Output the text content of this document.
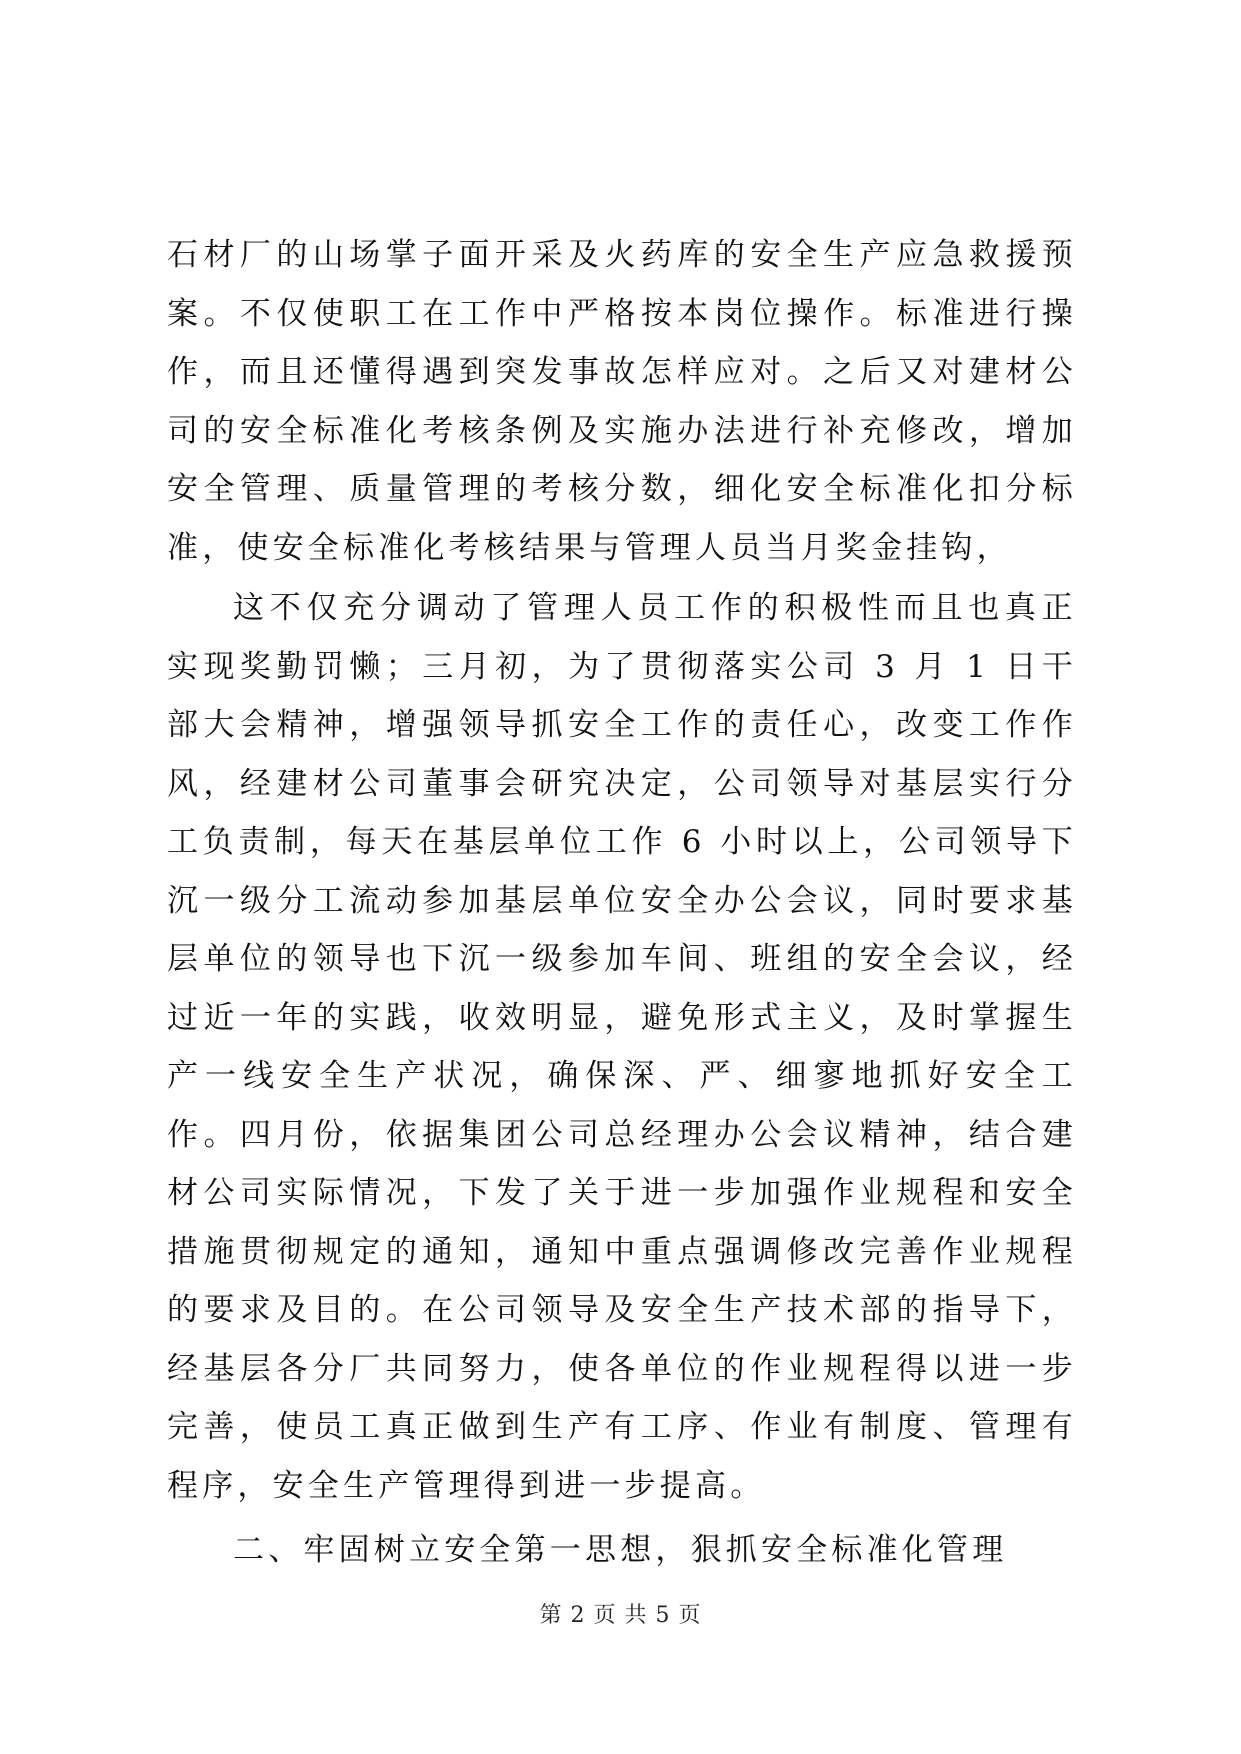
石材厂的山场掌子面开采及火药库的安全生产应急救援预案。不仅使职工在工作中严格按本岗位操作。标准进行操作，而且还懂得遇到突发事故怎样应对。之后又对建材公司的安全标准化考核条例及实施办法进行补充修改，增加安全管理、质量管理的考核分数，细化安全标准化扣分标准，使安全标准化考核结果与管理人员当月奖金挂钩，

这不仅充分调动了管理人员工作的积极性而且也真正实现奖勤罚懒；三月初，为了贯彻落实公司 3 月 1 日干部大会精神，增强领导抓安全工作的责任心，改变工作作风，经建材公司董事会研究决定，公司领导对基层实行分工负责制，每天在基层单位工作 6 小时以上，公司领导下沉一级分工流动参加基层单位安全办公会议，同时要求基层单位的领导也下沉一级参加车间、班组的安全会议，经过近一年的实践，收效明显，避免形式主义，及时掌握生产一线安全生产状况，确保深、严、细寥地抓好安全工作。四月份，依据集团公司总经理办公会议精神，结合建材公司实际情况，下发了关于进一步加强作业规程和安全措施贯彻规定的通知，通知中重点强调修改完善作业规程的要求及目的。在公司领导及安全生产技术部的指导下，经基层各分厂共同努力，使各单位的作业规程得以进一步完善，使员工真正做到生产有工序、作业有制度、管理有程序，安全生产管理得到进一步提高。

二、牢固树立安全第一思想，狠抓安全标准化管理
第 2 页 共 5 页
